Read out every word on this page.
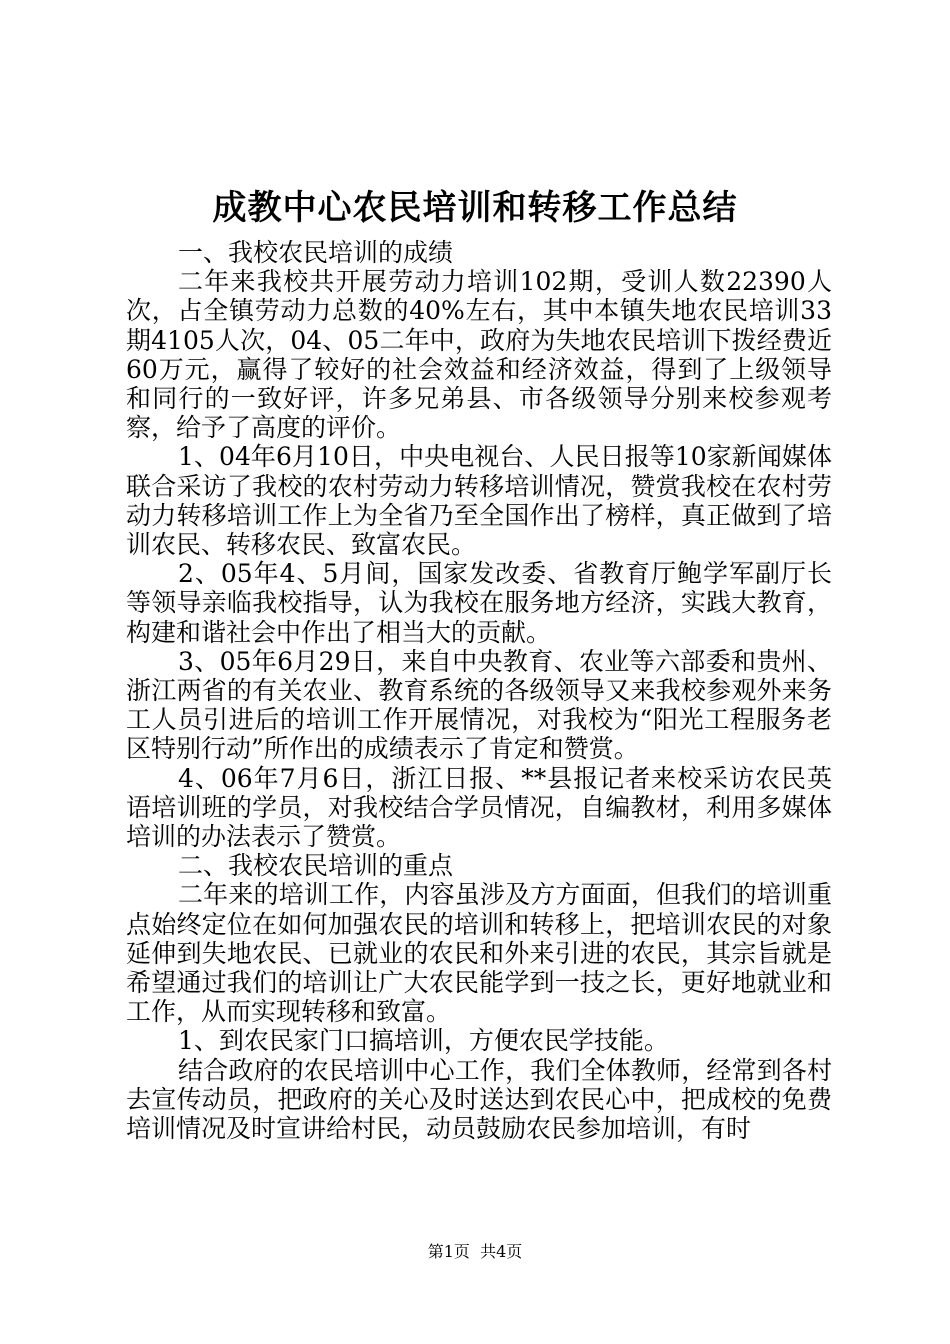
成教中心农民培训和转移工作总结

一、我校农民培训的成绩

二年来我校共开展劳动力培训102期，受训人数22390人次，占全镇劳动力总数的40%左右，其中本镇失地农民培训33期4105人次，04、05二年中，政府为失地农民培训下拨经费近60万元，赢得了较好的社会效益和经济效益，得到了上级领导和同行的一致好评，许多兄弟县、市各级领导分别来校参观考察，给予了高度的评价。

1、04年6月10日，中央电视台、人民日报等10家新闻媒体联合采访了我校的农村劳动力转移培训情况，赞赏我校在农村劳动力转移培训工作上为全省乃至全国作出了榜样，真正做到了培训农民、转移农民、致富农民。

2、05年4、5月间，国家发改委、省教育厅鲍学军副厅长等领导亲临我校指导，认为我校在服务地方经济，实践大教育，构建和谐社会中作出了相当大的贡献。

3、05年6月29日，来自中央教育、农业等六部委和贵州、浙江两省的有关农业、教育系统的各级领导又来我校参观外来务工人员引进后的培训工作开展情况，对我校为“阳光工程服务老区特别行动”所作出的成绩表示了肯定和赞赏。

4、06年7月6日，浙江日报、**县报记者来校采访农民英语培训班的学员，对我校结合学员情况，自编教材，利用多媒体培训的办法表示了赞赏。

二、我校农民培训的重点

二年来的培训工作，内容虽涉及方方面面，但我们的培训重点始终定位在如何加强农民的培训和转移上，把培训农民的对象延伸到失地农民、已就业的农民和外来引进的农民，其宗旨就是希望通过我们的培训让广大农民能学到一技之长，更好地就业和工作，从而实现转移和致富。

1、到农民家门口搞培训，方便农民学技能。

结合政府的农民培训中心工作，我们全体教师，经常到各村去宣传动员，把政府的关心及时送达到农民心中，把成校的免费培训情况及时宣讲给村民，动员鼓励农民参加培训，有时

第1页  共4页
